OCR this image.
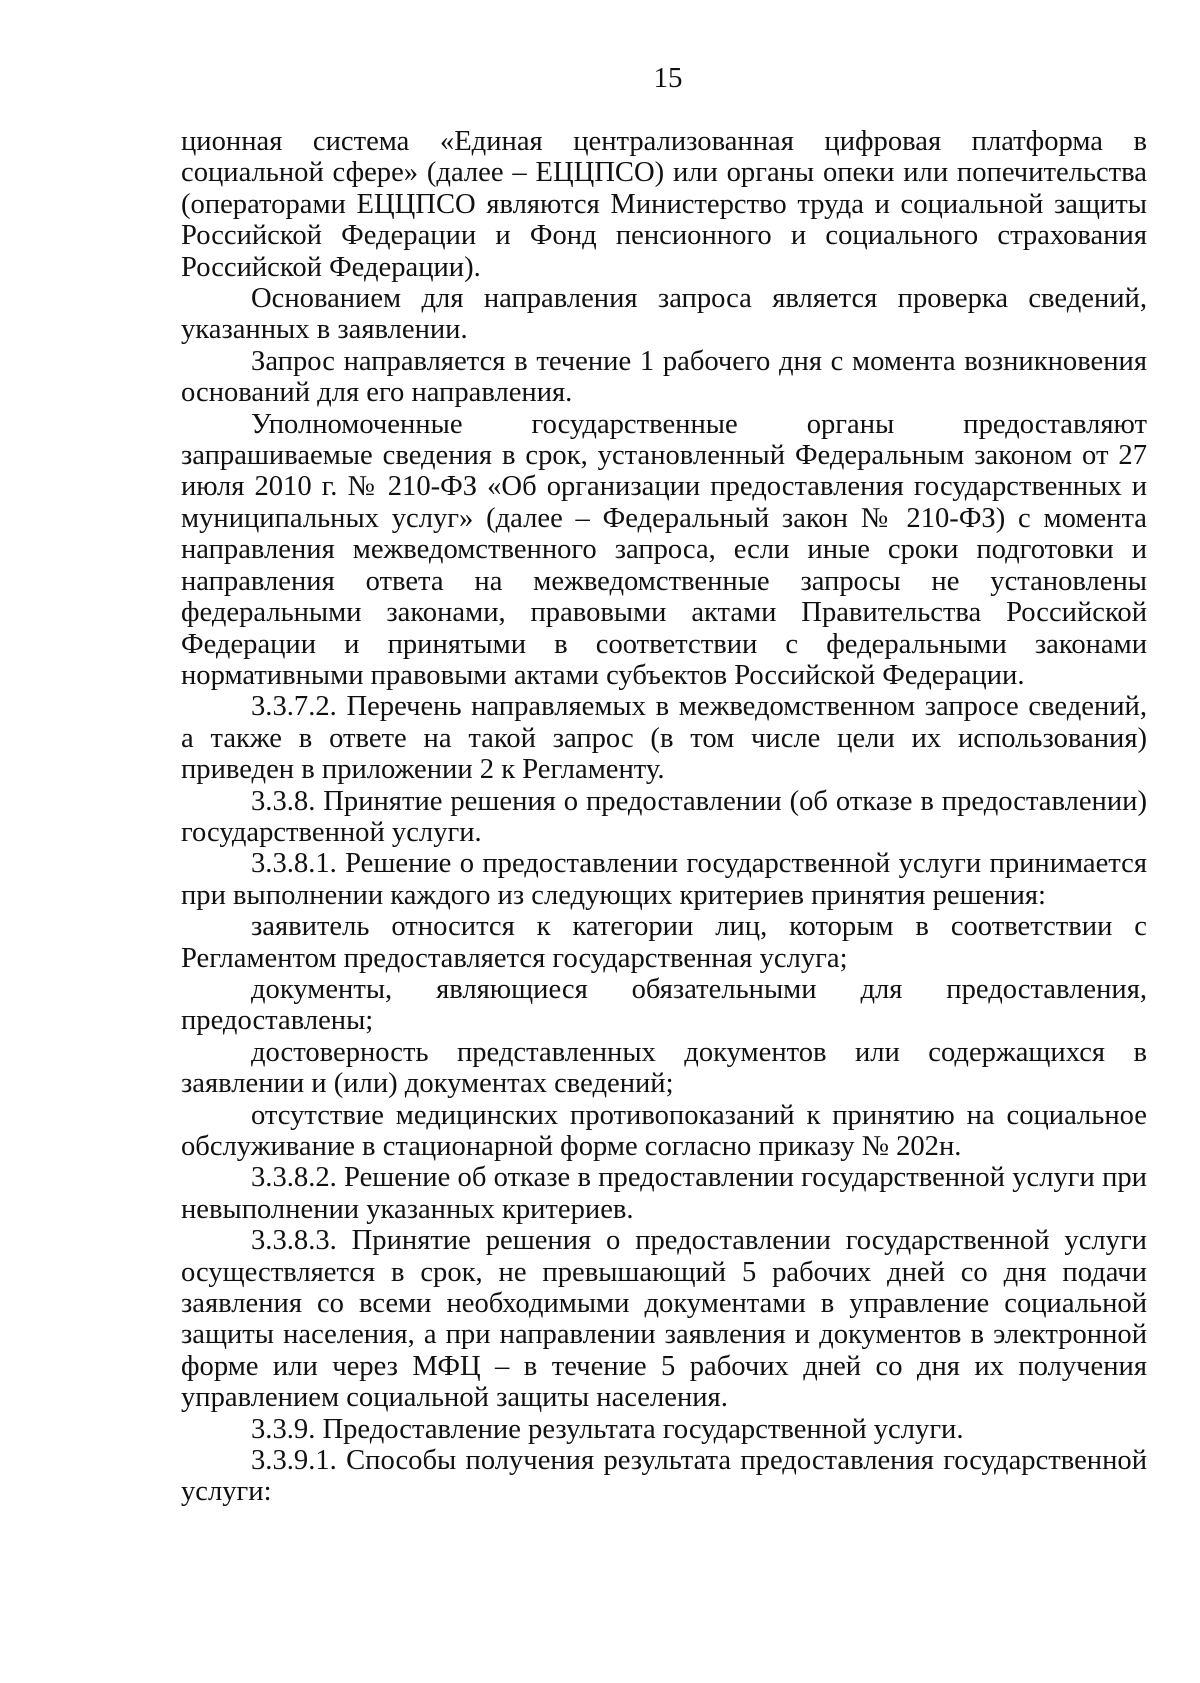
15

ционная система «Единая централизованная цифровая платформа в социальной сфере» (далее – ЕЦЦПСО) или органы опеки или попечительства (операторами ЕЦЦПСО являются Министерство труда и социальной защиты Российской Федерации и Фонд пенсионного и социального страхования Российской Федерации).

Основанием для направления запроса является проверка сведений, указанных в заявлении.

Запрос направляется в течение 1 рабочего дня с момента возникновения оснований для его направления.

Уполномоченные государственные органы предоставляют запрашиваемые сведения в срок, установленный Федеральным законом от 27 июля 2010 г. № 210-ФЗ «Об организации предоставления государственных и муниципальных услуг» (далее – Федеральный закон № 210-ФЗ) с момента направления межведомственного запроса, если иные сроки подготовки и направления ответа на межведомственные запросы не установлены федеральными законами, правовыми актами Правительства Российской Федерации и принятыми в соответствии с федеральными законами нормативными правовыми актами субъектов Российской Федерации.

3.3.7.2. Перечень направляемых в межведомственном запросе сведений, а также в ответе на такой запрос (в том числе цели их использования) приведен в приложении 2 к Регламенту.

3.3.8. Принятие решения о предоставлении (об отказе в предоставлении) государственной услуги.

3.3.8.1. Решение о предоставлении государственной услуги принимается при выполнении каждого из следующих критериев принятия решения:

заявитель относится к категории лиц, которым в соответствии с Регламентом предоставляется государственная услуга;

документы, являющиеся обязательными для предоставления, предоставлены;

достоверность представленных документов или содержащихся в заявлении и (или) документах сведений;

отсутствие медицинских противопоказаний к принятию на социальное обслуживание в стационарной форме согласно приказу № 202н.

3.3.8.2. Решение об отказе в предоставлении государственной услуги при невыполнении указанных критериев.

3.3.8.3. Принятие решения о предоставлении государственной услуги осуществляется в срок, не превышающий 5 рабочих дней со дня подачи заявления со всеми необходимыми документами в управление социальной защиты населения, а при направлении заявления и документов в электронной форме или через МФЦ – в течение 5 рабочих дней со дня их получения управлением социальной защиты населения.

3.3.9. Предоставление результата государственной услуги.

3.3.9.1. Способы получения результата предоставления государственной услуги:
